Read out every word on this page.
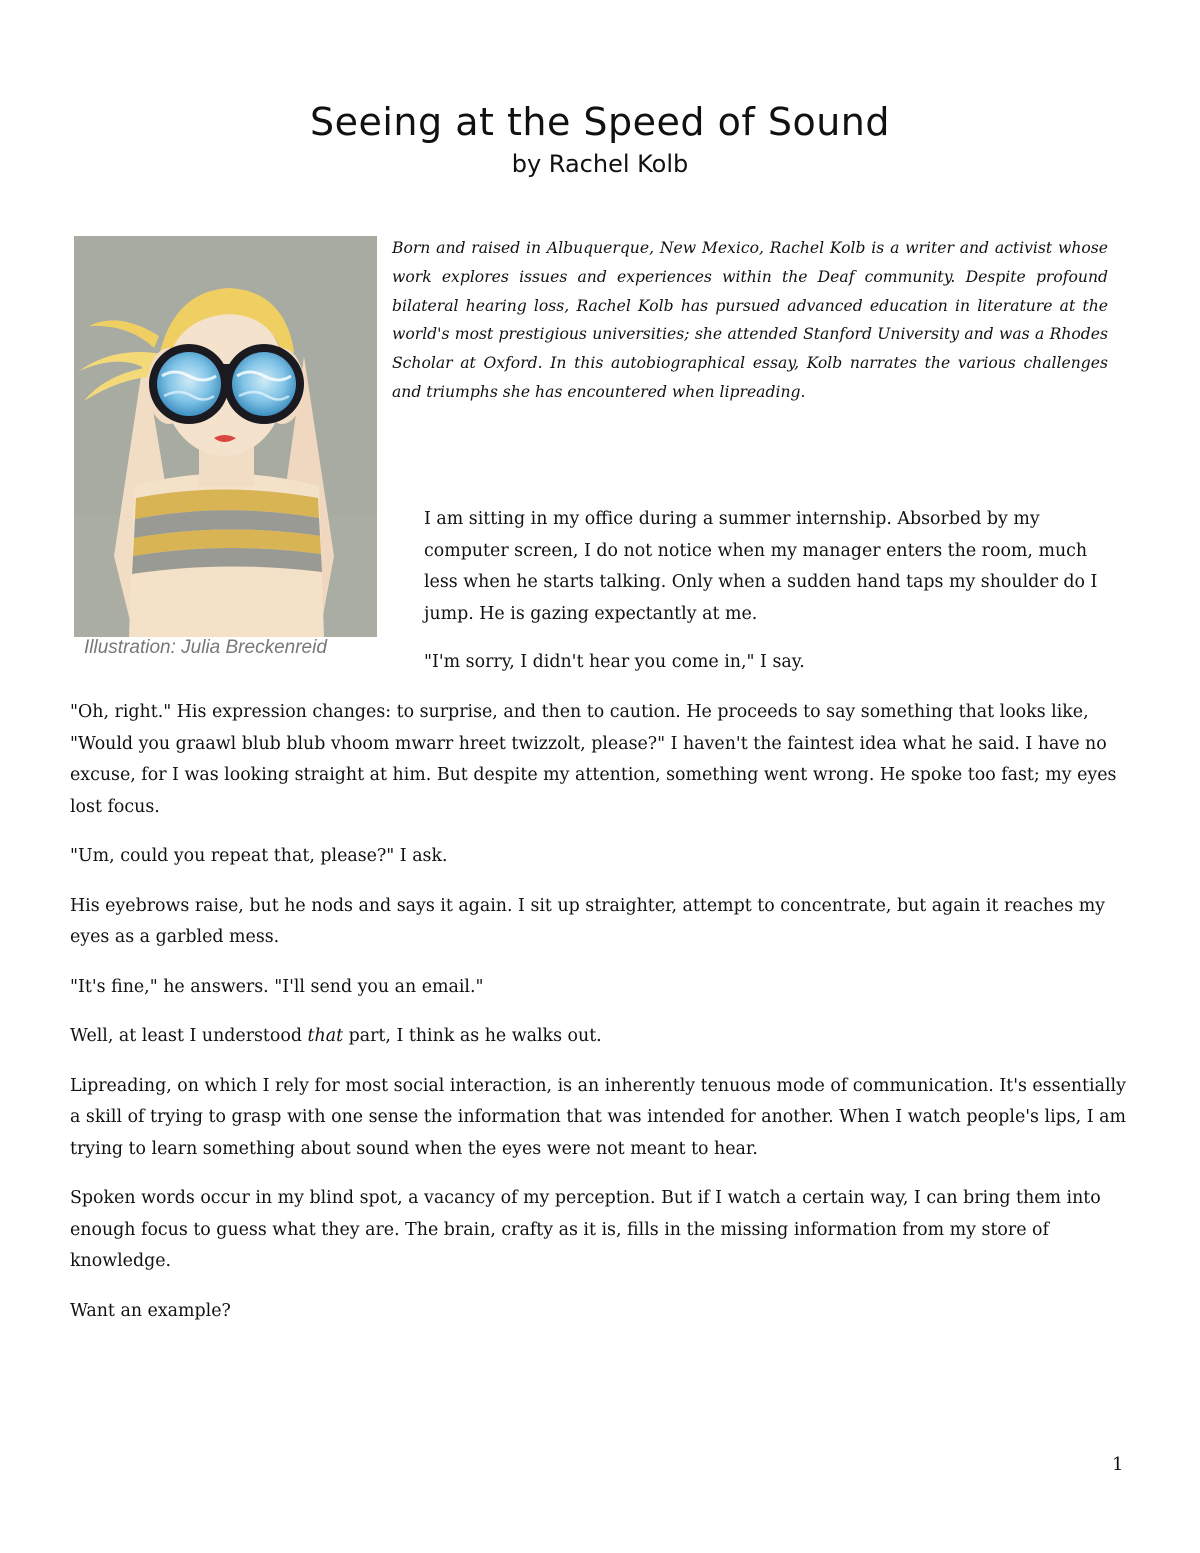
Seeing at the Speed of Sound
by Rachel Kolb
Illustration: Julia Breckenreid

Born and raised in Albuquerque, New Mexico, Rachel Kolb is a writer and activist whose work explores issues and experiences within the Deaf community. Despite profound bilateral hearing loss, Rachel Kolb has pursued advanced education in literature at the world's most prestigious universities; she attended Stanford University and was a Rhodes Scholar at Oxford. In this autobiographical essay, Kolb narrates the various challenges and triumphs she has encountered when lipreading.

I am sitting in my office during a summer internship. Absorbed by my computer screen, I do not notice when my manager enters the room, much less when he starts talking. Only when a sudden hand taps my shoulder do I jump. He is gazing expectantly at me.

"I'm sorry, I didn't hear you come in," I say.

"Oh, right." His expression changes: to surprise, and then to caution. He proceeds to say something that looks like, "Would you graawl blub blub vhoom mwarr hreet twizzolt, please?" I haven't the faintest idea what he said. I have no excuse, for I was looking straight at him. But despite my attention, something went wrong. He spoke too fast; my eyes lost focus.

"Um, could you repeat that, please?" I ask.

His eyebrows raise, but he nods and says it again. I sit up straighter, attempt to concentrate, but again it reaches my eyes as a garbled mess.

"It's fine," he answers. "I'll send you an email."

Well, at least I understood that part, I think as he walks out.

Lipreading, on which I rely for most social interaction, is an inherently tenuous mode of communication. It's essentially a skill of trying to grasp with one sense the information that was intended for another. When I watch people's lips, I am trying to learn something about sound when the eyes were not meant to hear.

Spoken words occur in my blind spot, a vacancy of my perception. But if I watch a certain way, I can bring them into enough focus to guess what they are. The brain, crafty as it is, fills in the missing information from my store of knowledge.

Want an example?

1
